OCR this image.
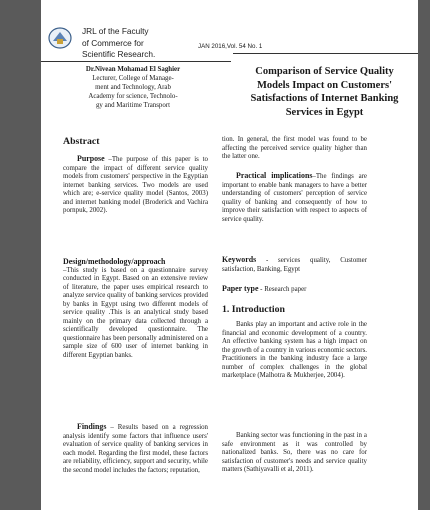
JRL of the Faculty
of Commerce for
Scientific Research.
JAN 2016,Vol. 54 No. 1
Dr.Nivean Mohamad El Saghier
Lecturer, College of Manage-
ment and Technology, Arab
Academy for science, Technolo-
gy and Maritime Transport
Comparison of Service Quality
Models Impact on Customers'
Satisfactions of Internet Banking
Services in Egypt
Abstract
Purpose –The purpose of this paper is to compare the impact of different service quality models from customers' perspective in the Egyptian internet banking services. Two models are used which are; e-service quality model (Santos, 2003) and internet banking model (Broderick and Vachira pornpuk, 2002).
Design/methodology/approach
–This study is based on a questionnaire survey conducted in Egypt. Based on an extensive review of literature, the paper uses empirical research to analyze service quality of banking services provided by banks in Egypt using two different models of service quality .This is an analytical study based mainly on the primary data collected through a scientifically developed questionnaire. The questionnaire has been personally administered on a sample size of 600 user of internet banking in different Egyptian banks.
Findings – Results based on a regression analysis identify some factors that influence users' evaluation of service quality of banking services in each model. Regarding the first model, these factors are reliability, efficiency, support and security, while the second model includes the factors; reputation,
tion. In general, the first model was found to be affecting the perceived service quality higher than the latter one.
Practical implications–The findings are important to enable bank managers to have a better understanding of customers' perception of service quality of banking and consequently of how to improve their satisfaction with respect to aspects of service quality.
Keywords - services quality, Customer satisfaction, Banking, Egypt
Paper type - Research paper
1. Introduction
Banks play an important and active role in the financial and economic development of a country. An effective banking system has a high impact on the growth of a country in various economic sectors. Practitioners in the banking industry face a large number of complex challenges in the global marketplace (Malhotra & Mukherjee, 2004).
Banking sector was functioning in the past in a safe environment as it was controlled by nationalized banks. So, there was no care for satisfaction of customer's needs and service quality matters (Sathiyavalli et al, 2011).
